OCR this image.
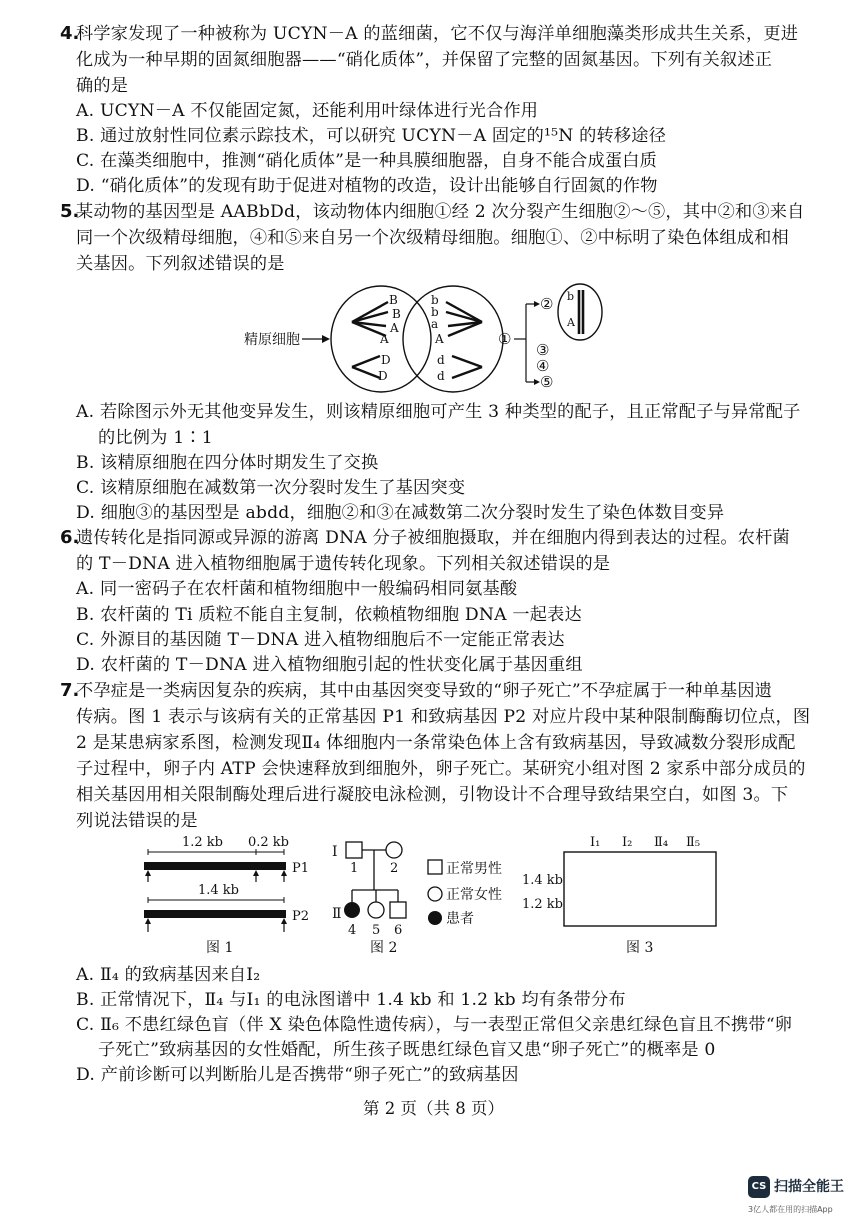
4.
科学家发现了一种被称为 UCYN－A 的蓝细菌，它不仅与海洋单细胞藻类形成共生关系，更进
化成为一种早期的固氮细胞器——“硝化质体”，并保留了完整的固氮基因。下列有关叙述正
确的是
A. UCYN－A 不仅能固定氮，还能利用叶绿体进行光合作用
B. 通过放射性同位素示踪技术，可以研究 UCYN－A 固定的¹⁵N 的转移途径
C. 在藻类细胞中，推测“硝化质体”是一种具膜细胞器，自身不能合成蛋白质
D. “硝化质体”的发现有助于促进对植物的改造，设计出能够自行固氮的作物
5.
某动物的基因型是 AABbDd，该动物体内细胞①经 2 次分裂产生细胞②～⑤，其中②和③来自
同一个次级精母细胞，④和⑤来自另一个次级精母细胞。细胞①、②中标明了染色体组成和相
关基因。下列叙述错误的是
精原细胞
B
B
A
A
D
D
b
b
a
A
d
d
①
②
③
④
⑤
b
A
A. 若除图示外无其他变异发生，则该精原细胞可产生 3 种类型的配子，且正常配子与异常配子
的比例为 1∶1
B. 该精原细胞在四分体时期发生了交换
C. 该精原细胞在减数第一次分裂时发生了基因突变
D. 细胞③的基因型是 abdd，细胞②和③在减数第二次分裂时发生了染色体数目变异
6.
遗传转化是指同源或异源的游离 DNA 分子被细胞摄取，并在细胞内得到表达的过程。农杆菌
的 T－DNA 进入植物细胞属于遗传转化现象。下列相关叙述错误的是
A. 同一密码子在农杆菌和植物细胞中一般编码相同氨基酸
B. 农杆菌的 Ti 质粒不能自主复制，依赖植物细胞 DNA 一起表达
C. 外源目的基因随 T－DNA 进入植物细胞后不一定能正常表达
D. 农杆菌的 T－DNA 进入植物细胞引起的性状变化属于基因重组
7.
不孕症是一类病因复杂的疾病，其中由基因突变导致的“卵子死亡”不孕症属于一种单基因遗
传病。图 1 表示与该病有关的正常基因 P1 和致病基因 P2 对应片段中某种限制酶酶切位点，图
2 是某患病家系图，检测发现Ⅱ₄ 体细胞内一条常染色体上含有致病基因，导致减数分裂形成配
子过程中，卵子内 ATP 会快速释放到细胞外，卵子死亡。某研究小组对图 2 家系中部分成员的
相关基因用相关限制酶处理后进行凝胶电泳检测，引物设计不合理导致结果空白，如图 3。下
列说法错误的是
1.2 kb 0.2 kb
P1
1.4 kb
P2
图 1
Ⅰ
1 2
Ⅱ
4 5 6
正常男性
正常女性
患者
图 2
Ⅰ₁ Ⅰ₂ Ⅱ₄ Ⅱ₅
1.4 kb
1.2 kb
图 3
A. Ⅱ₄ 的致病基因来自Ⅰ₂
B. 正常情况下，Ⅱ₄ 与Ⅰ₁ 的电泳图谱中 1.4 kb 和 1.2 kb 均有条带分布
C. Ⅱ₆ 不患红绿色盲（伴 X 染色体隐性遗传病），与一表型正常但父亲患红绿色盲且不携带“卵
子死亡”致病基因的女性婚配，所生孩子既患红绿色盲又患“卵子死亡”的概率是 0
D. 产前诊断可以判断胎儿是否携带“卵子死亡”的致病基因
第 2 页（共 8 页）
CS 扫描全能王
3亿人都在用的扫描App
